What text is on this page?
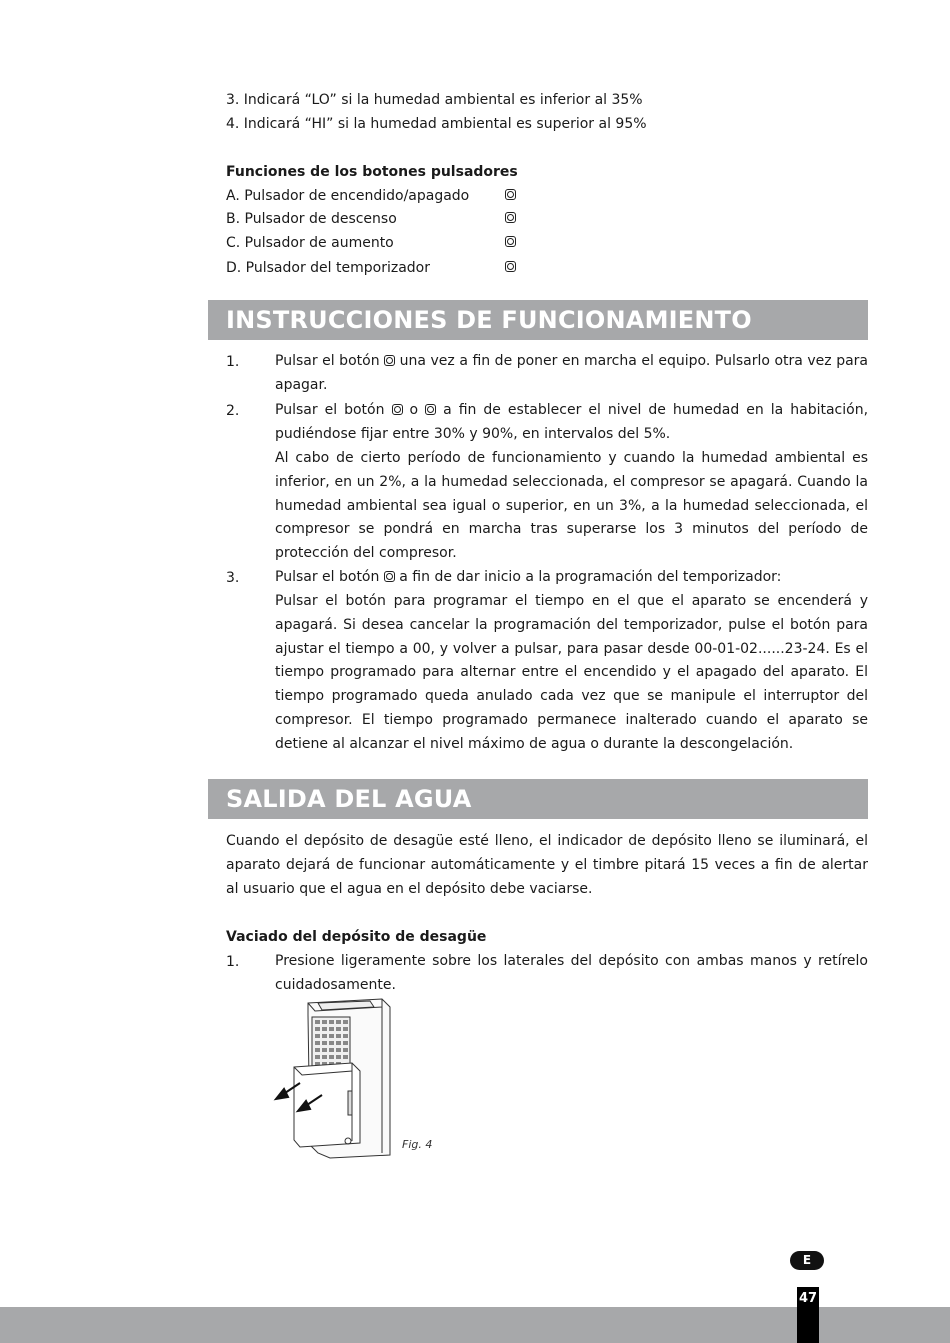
3. Indicará “LO” si la humedad ambiental es inferior al 35%
4. Indicará “HI” si la humedad ambiental es superior al 95%
Funciones de los botones pulsadores
A. Pulsador de encendido/apagado
B. Pulsador de descenso
C. Pulsador de aumento
D. Pulsador del temporizador
INSTRUCCIONES DE FUNCIONAMIENTO
1.	Pulsar el botón una vez a fin de poner en marcha el equipo. Pulsarlo otra vez para apagar.
2.	Pulsar el botón o a fin de establecer el nivel de humedad en la habitación, pudiéndose fijar entre 30% y 90%, en intervalos del 5%.
Al cabo de cierto período de funcionamiento y cuando la humedad ambiental es inferior, en un 2%, a la humedad seleccionada, el compresor se apagará. Cuando la humedad ambiental sea igual o superior, en un 3%, a la humedad seleccionada, el compresor se pondrá en marcha tras superarse los 3 minutos del período de protección del compresor.
3.	Pulsar el botón a fin de dar inicio a la programación del temporizador:
Pulsar el botón para programar el tiempo en el que el aparato se encenderá y apagará. Si desea cancelar la programación del temporizador, pulse el botón para ajustar el tiempo a 00, y volver a pulsar, para pasar desde 00-01-02......23-24. Es el tiempo programado para alternar entre el encendido y el apagado del aparato. El tiempo programado queda anulado cada vez que se manipule el interruptor del compresor. El tiempo programado permanece inalterado cuando el aparato se detiene al alcanzar el nivel máximo de agua o durante la descongelación.
SALIDA DEL AGUA
Cuando el depósito de desagüe esté lleno, el indicador de depósito lleno se iluminará, el aparato dejará de funcionar automáticamente y el timbre pitará 15 veces a fin de alertar al usuario que el agua en el depósito debe vaciarse.
Vaciado del depósito de desagüe
1.	Presione ligeramente sobre los laterales del depósito con ambas manos y retírelo cuidadosamente.
Fig. 4
E
47
